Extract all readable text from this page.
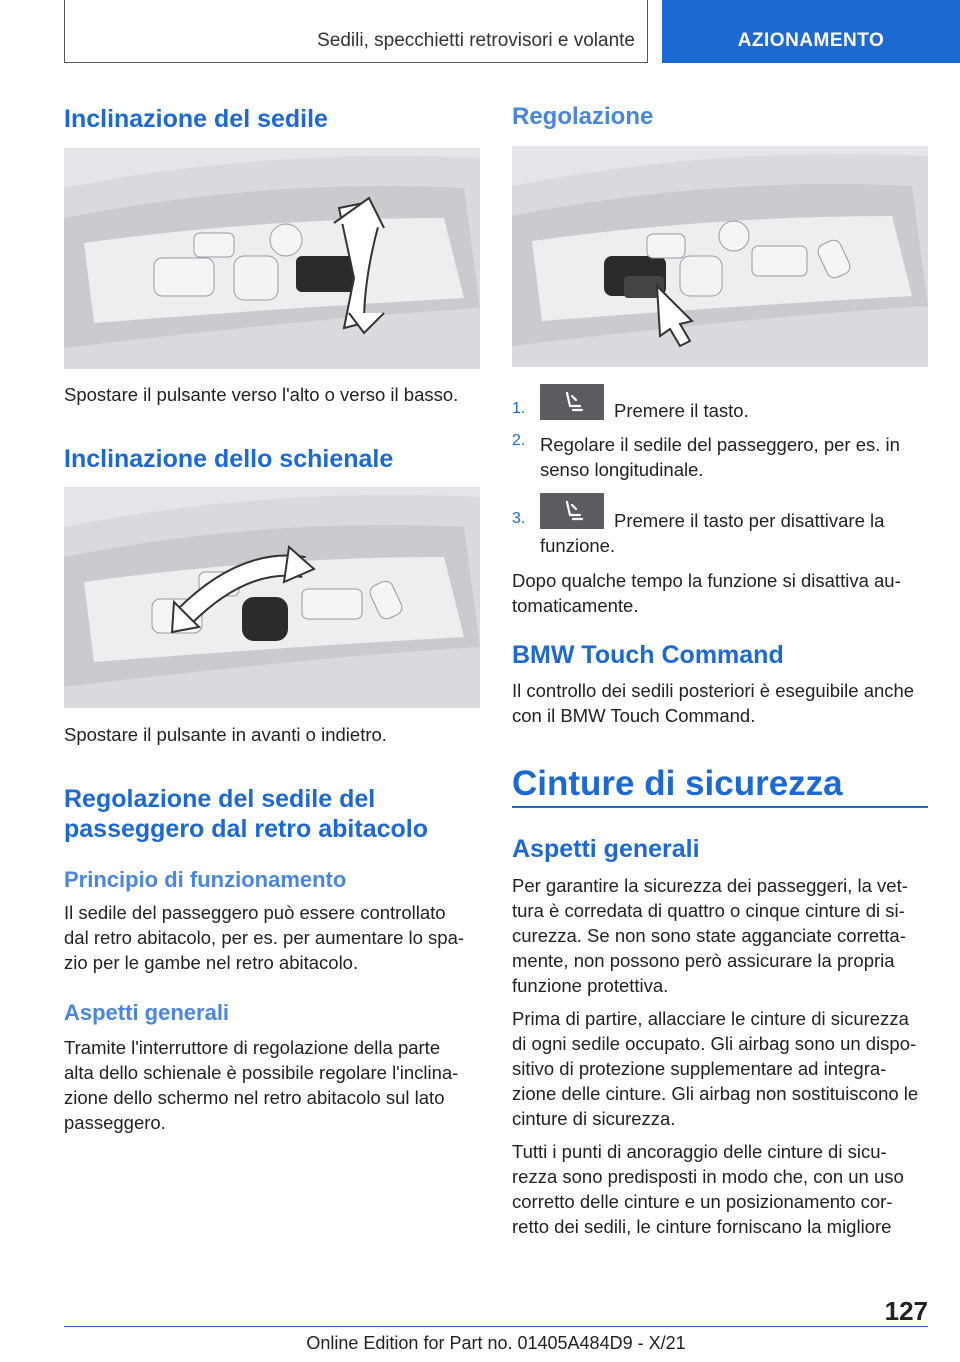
Sedili, specchietti retrovisori e volante	AZIONAMENTO
Inclinazione del sedile

Spostare il pulsante verso l'alto o verso il basso.

Inclinazione dello schienale

Spostare il pulsante in avanti o indietro.

Regolazione del sedile del
passeggero dal retro abitacolo
Principio di funzionamento

Il sedile del passeggero può essere controllato

dal retro abitacolo, per es. per aumentare lo spa-

zio per le gambe nel retro abitacolo.

Aspetti generali

Tramite l'interruttore di regolazione della parte

alta dello schienale è possibile regolare l'inclina-

zione dello schermo nel retro abitacolo sul lato

passeggero.

Regolazione
1.	Premere il tasto.

2. Regolare il sedile del passeggero, per es. in

senso longitudinale.

3.	Premere il tasto per disattivare la

funzione.

Dopo qualche tempo la funzione si disattiva au-

tomaticamente.

BMW Touch Command

Il controllo dei sedili posteriori è eseguibile anche

con il BMW Touch Command.

Cinture di sicurezza
Aspetti generali

Per garantire la sicurezza dei passeggeri, la vet-

tura è corredata di quattro o cinque cinture di si-

curezza. Se non sono state agganciate corretta-

mente, non possono però assicurare la propria

funzione protettiva.

Prima di partire, allacciare le cinture di sicurezza

di ogni sedile occupato. Gli airbag sono un dispo-

sitivo di protezione supplementare ad integra-

zione delle cinture. Gli airbag non sostituiscono le

cinture di sicurezza.

Tutti i punti di ancoraggio delle cinture di sicu-

rezza sono predisposti in modo che, con un uso

corretto delle cinture e un posizionamento cor-

retto dei sedili, le cinture forniscano la migliore

127
Online Edition for Part no. 01405A484D9 - X/21
